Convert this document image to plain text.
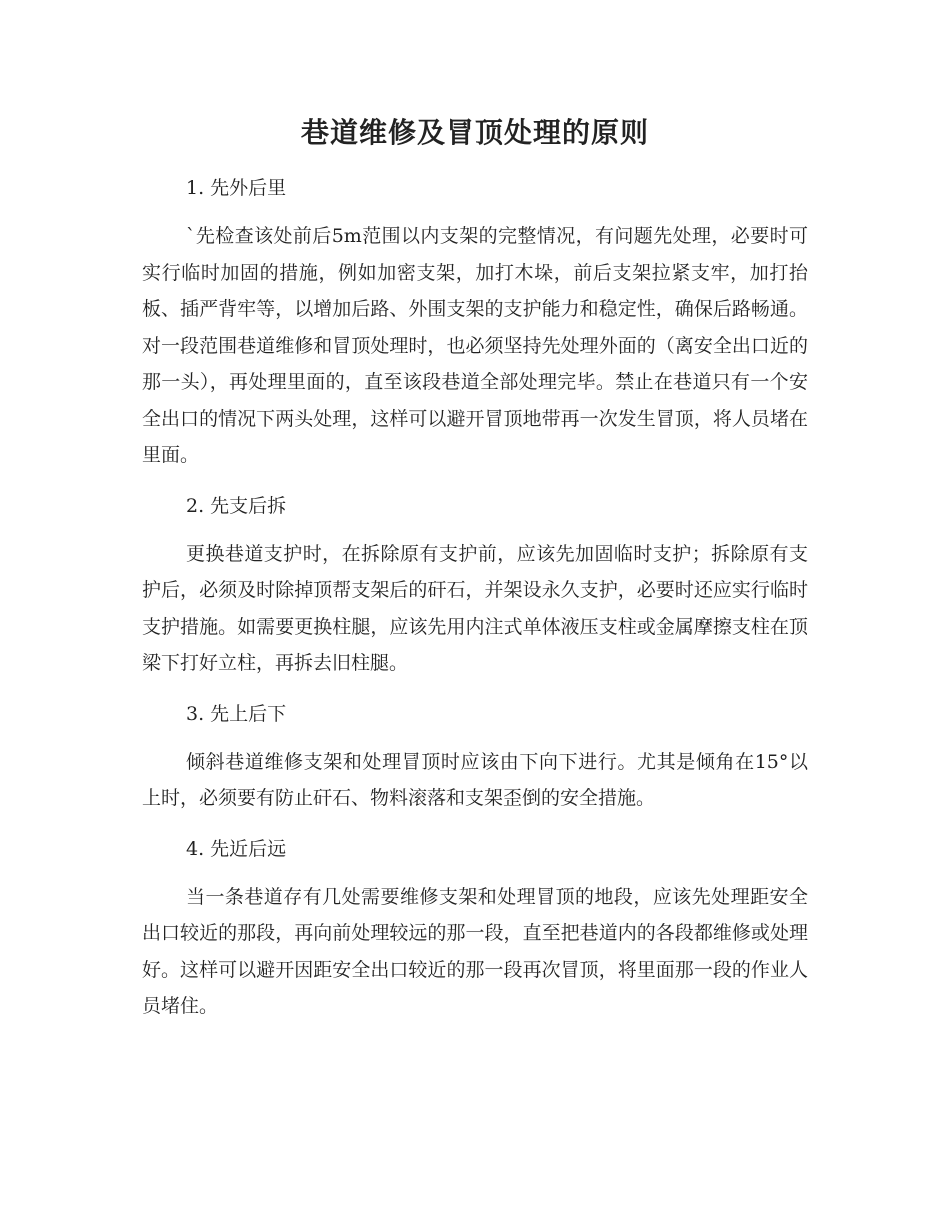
巷道维修及冒顶处理的原则

1. 先外后里

`先检查该处前后5m范围以内支架的完整情况，有问题先处理，必要时可实行临时加固的措施，例如加密支架，加打木垛，前后支架拉紧支牢，加打抬板、插严背牢等，以增加后路、外围支架的支护能力和稳定性，确保后路畅通。对一段范围巷道维修和冒顶处理时，也必须坚持先处理外面的（离安全出口近的那一头），再处理里面的，直至该段巷道全部处理完毕。禁止在巷道只有一个安全出口的情况下两头处理，这样可以避开冒顶地带再一次发生冒顶，将人员堵在里面。

2. 先支后拆

更换巷道支护时，在拆除原有支护前，应该先加固临时支护；拆除原有支护后，必须及时除掉顶帮支架后的矸石，并架设永久支护，必要时还应实行临时支护措施。如需要更换柱腿，应该先用内注式单体液压支柱或金属摩擦支柱在顶梁下打好立柱，再拆去旧柱腿。

3. 先上后下

倾斜巷道维修支架和处理冒顶时应该由下向下进行。尤其是倾角在15°以上时，必须要有防止矸石、物料滚落和支架歪倒的安全措施。

4. 先近后远

当一条巷道存有几处需要维修支架和处理冒顶的地段，应该先处理距安全出口较近的那段，再向前处理较远的那一段，直至把巷道内的各段都维修或处理好。这样可以避开因距安全出口较近的那一段再次冒顶，将里面那一段的作业人员堵住。
